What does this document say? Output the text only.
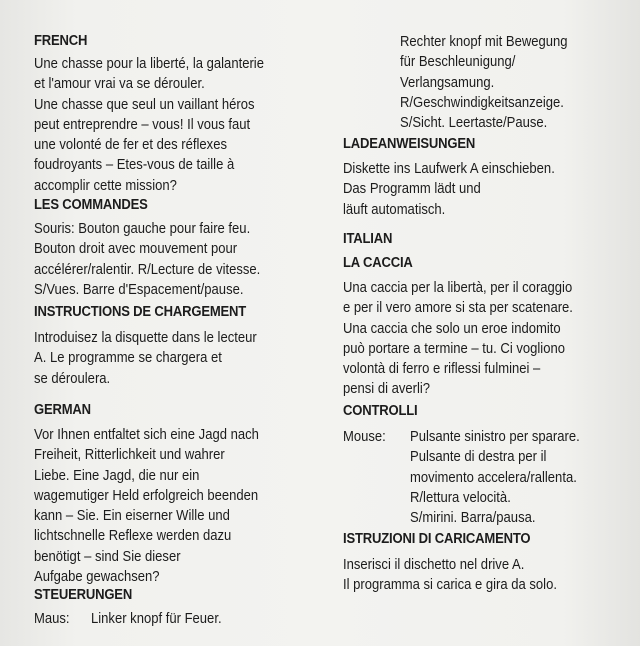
FRENCH
Une chasse pour la liberté, la galanterie
et l'amour vrai va se dérouler.
Une chasse que seul un vaillant héros
peut entreprendre – vous! Il vous faut
une volonté de fer et des réflexes
foudroyants – Etes-vous de taille à
accomplir cette mission?
LES COMMANDES
Souris: Bouton gauche pour faire feu.
Bouton droit avec mouvement pour
accélérer/ralentir. R/Lecture de vitesse.
S/Vues. Barre d'Espacement/pause.
INSTRUCTIONS DE CHARGEMENT
Introduisez la disquette dans le lecteur
A. Le programme se chargera et
se déroulera.
GERMAN
Vor Ihnen entfaltet sich eine Jagd nach
Freiheit, Ritterlichkeit und wahrer
Liebe. Eine Jagd, die nur ein
wagemutiger Held erfolgreich beenden
kann – Sie. Ein eiserner Wille und
lichtschnelle Reflexe werden dazu
benötigt – sind Sie dieser
Aufgabe gewachsen?
STEUERUNGEN
Maus: Linker knopf für Feuer.
Rechter knopf mit Bewegung
für Beschleunigung/
Verlangsamung.
R/Geschwindigkeitsanzeige.
S/Sicht. Leertaste/Pause.
LADEANWEISUNGEN
Diskette ins Laufwerk A einschieben.
Das Programm lädt und
läuft automatisch.
ITALIAN
LA CACCIA
Una caccia per la libertà, per il coraggio
e per il vero amore si sta per scatenare.
Una caccia che solo un eroe indomito
può portare a termine – tu. Ci vogliono
volontà di ferro e riflessi fulminei –
pensi di averli?
CONTROLLI
Mouse: Pulsante sinistro per sparare.
Pulsante di destra per il
movimento accelera/rallenta.
R/lettura velocità.
S/mirini. Barra/pausa.
ISTRUZIONI DI CARICAMENTO
Inserisci il dischetto nel drive A.
Il programma si carica e gira da solo.
